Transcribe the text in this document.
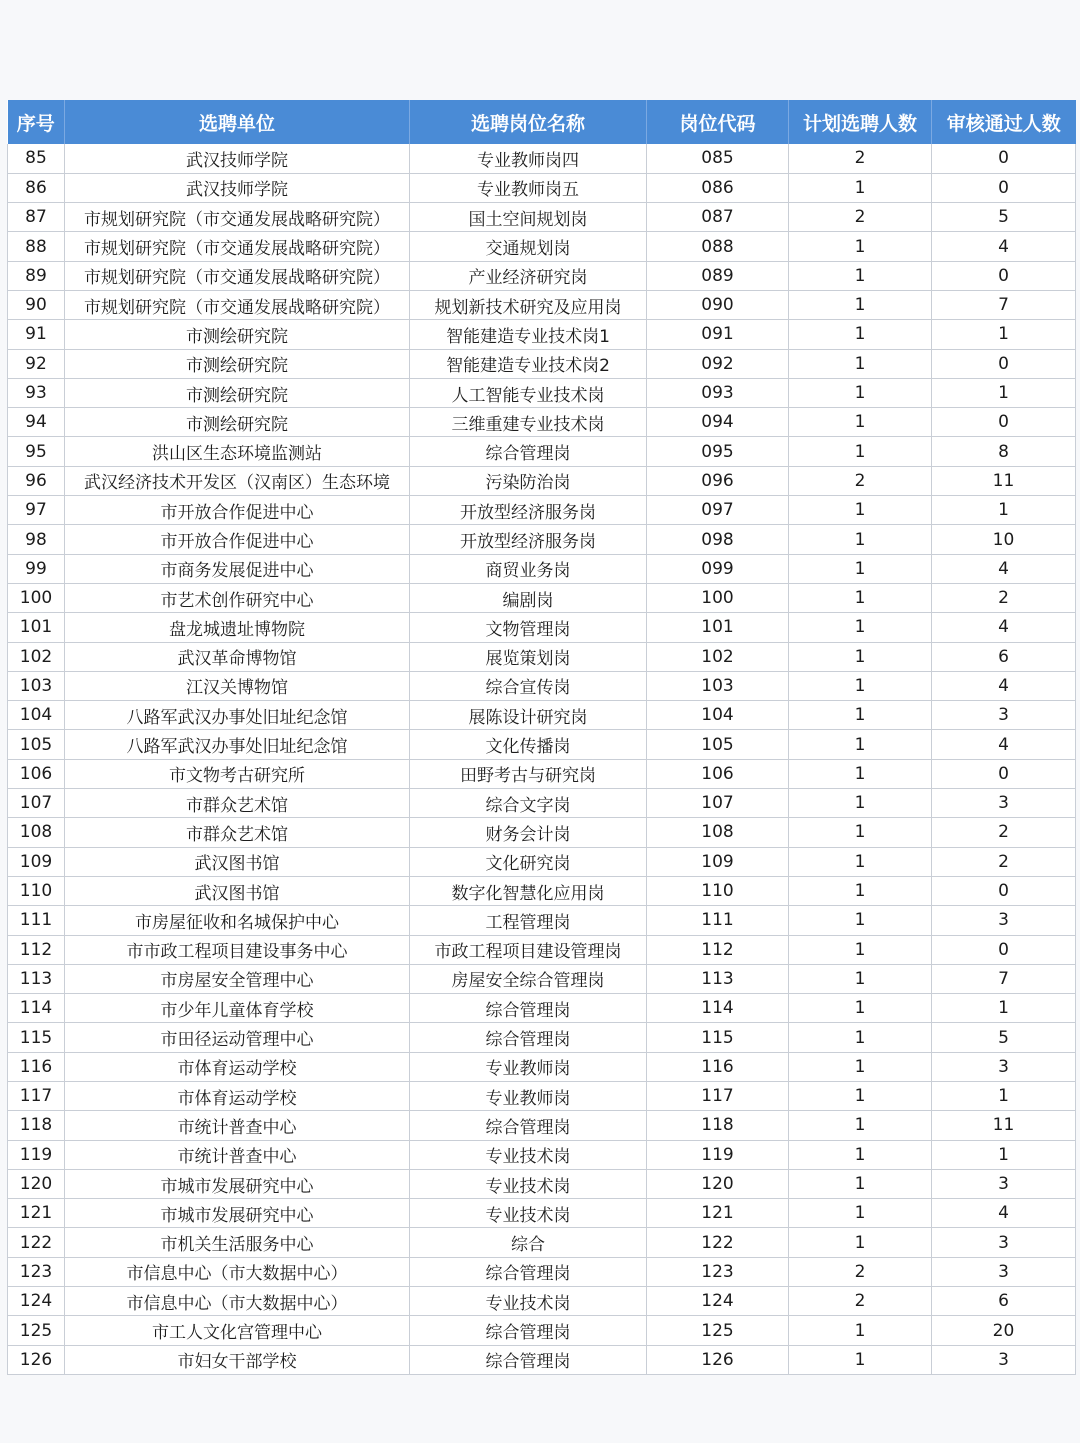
序号	选聘单位	选聘岗位名称	岗位代码	计划选聘人数	审核通过人数
85	武汉技师学院	专业教师岗四	085	2	0
86	武汉技师学院	专业教师岗五	086	1	0
87	市规划研究院（市交通发展战略研究院）	国土空间规划岗	087	2	5
88	市规划研究院（市交通发展战略研究院）	交通规划岗	088	1	4
89	市规划研究院（市交通发展战略研究院）	产业经济研究岗	089	1	0
90	市规划研究院（市交通发展战略研究院）	规划新技术研究及应用岗	090	1	7
91	市测绘研究院	智能建造专业技术岗1	091	1	1
92	市测绘研究院	智能建造专业技术岗2	092	1	0
93	市测绘研究院	人工智能专业技术岗	093	1	1
94	市测绘研究院	三维重建专业技术岗	094	1	0
95	洪山区生态环境监测站	综合管理岗	095	1	8
96	武汉经济技术开发区（汉南区）生态环境	污染防治岗	096	2	11
97	市开放合作促进中心	开放型经济服务岗	097	1	1
98	市开放合作促进中心	开放型经济服务岗	098	1	10
99	市商务发展促进中心	商贸业务岗	099	1	4
100	市艺术创作研究中心	编剧岗	100	1	2
101	盘龙城遗址博物院	文物管理岗	101	1	4
102	武汉革命博物馆	展览策划岗	102	1	6
103	江汉关博物馆	综合宣传岗	103	1	4
104	八路军武汉办事处旧址纪念馆	展陈设计研究岗	104	1	3
105	八路军武汉办事处旧址纪念馆	文化传播岗	105	1	4
106	市文物考古研究所	田野考古与研究岗	106	1	0
107	市群众艺术馆	综合文字岗	107	1	3
108	市群众艺术馆	财务会计岗	108	1	2
109	武汉图书馆	文化研究岗	109	1	2
110	武汉图书馆	数字化智慧化应用岗	110	1	0
111	市房屋征收和名城保护中心	工程管理岗	111	1	3
112	市市政工程项目建设事务中心	市政工程项目建设管理岗	112	1	0
113	市房屋安全管理中心	房屋安全综合管理岗	113	1	7
114	市少年儿童体育学校	综合管理岗	114	1	1
115	市田径运动管理中心	综合管理岗	115	1	5
116	市体育运动学校	专业教师岗	116	1	3
117	市体育运动学校	专业教师岗	117	1	1
118	市统计普查中心	综合管理岗	118	1	11
119	市统计普查中心	专业技术岗	119	1	1
120	市城市发展研究中心	专业技术岗	120	1	3
121	市城市发展研究中心	专业技术岗	121	1	4
122	市机关生活服务中心	综合	122	1	3
123	市信息中心（市大数据中心）	综合管理岗	123	2	3
124	市信息中心（市大数据中心）	专业技术岗	124	2	6
125	市工人文化宫管理中心	综合管理岗	125	1	20
126	市妇女干部学校	综合管理岗	126	1	3
